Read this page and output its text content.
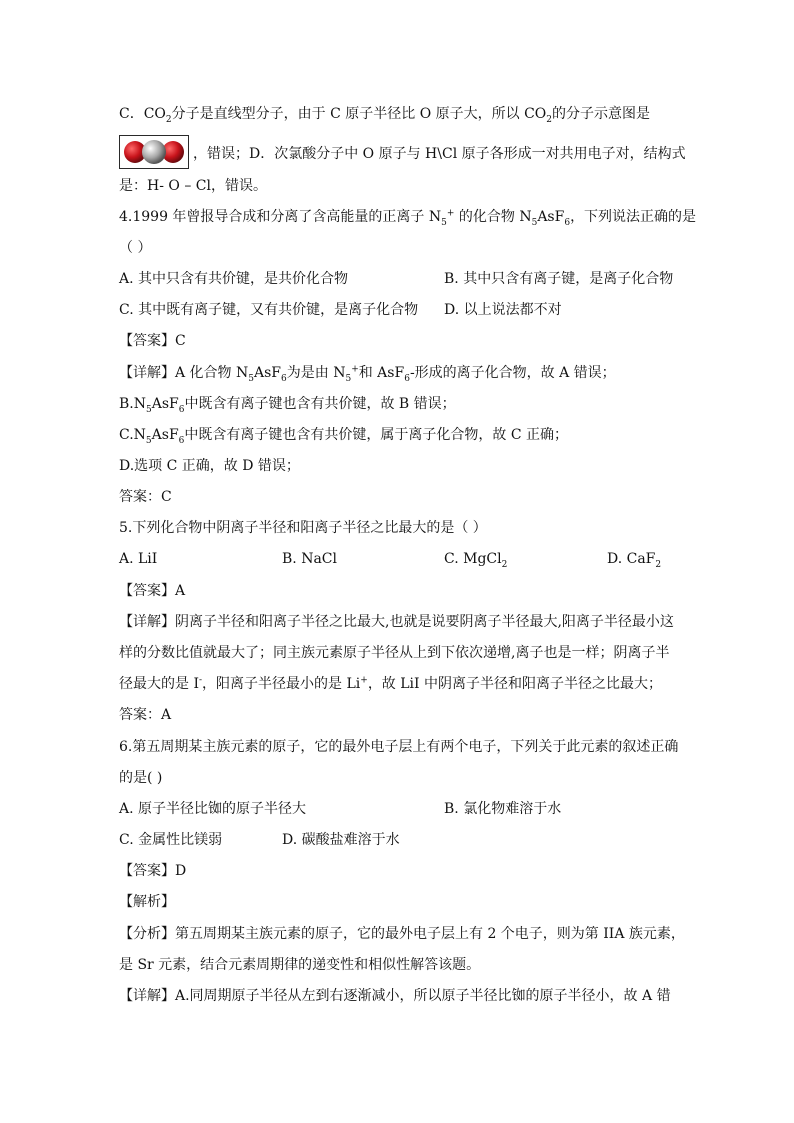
C．$CO_2$分子是直线型分子，由于 C 原子半径比 O 原子大，所以 $CO_2$的分子示意图是
，错误；D．次氯酸分子中 O 原子与 H\Cl 原子各形成一对共用电子对，结构式
是：H- O – Cl，错误。
4.1999 年曾报导合成和分离了含高能量的正离子 $N_5^+$ 的化合物 $N_5AsF_6$，下列说法正确的是
（ ）
A. 其中只含有共价键，是共价化合物	B. 其中只含有离子键，是离子化合物
C. 其中既有离子键，又有共价键，是离子化合物 D. 以上说法都不对
【答案】C
【详解】A 化合物 $N_5AsF_6$为是由 $N_5^+$和 AsF$_6$-形成的离子化合物，故 A 错误；
$B.N_5AsF_6$中既含有离子键也含有共价键，故 B 错误；
$C.N_5AsF_6$中既含有离子键也含有共价键，属于离子化合物，故 C 正确；
D.选项 C 正确，故 D 错误；
答案：C
5.下列化合物中阴离子半径和阳离子半径之比最大的是（ ）
A. LiI	B. NaCl	C. MgCl$_2$	D. CaF$_2$
【答案】A
【详解】阴离子半径和阳离子半径之比最大,也就是说要阴离子半径最大,阳离子半径最小这
样的分数比值就最大了；同主族元素原子半径从上到下依次递增,离子也是一样；阴离子半
径最大的是 I-，阳离子半径最小的是 Li+，故 LiI 中阴离子半径和阳离子半径之比最大；
答案：A
6.第五周期某主族元素的原子，它的最外电子层上有两个电子，下列关于此元素的叙述正确
的是( )
A. 原子半径比铷的原子半径大	B. 氯化物难溶于水
C. 金属性比镁弱	D. 碳酸盐难溶于水
【答案】D
【解析】
【分析】第五周期某主族元素的原子，它的最外电子层上有 2 个电子，则为第 IIA 族元素，
是 Sr 元素，结合元素周期律的递变性和相似性解答该题。
【详解】A.同周期原子半径从左到右逐渐减小，所以原子半径比铷的原子半径小，故 A 错
